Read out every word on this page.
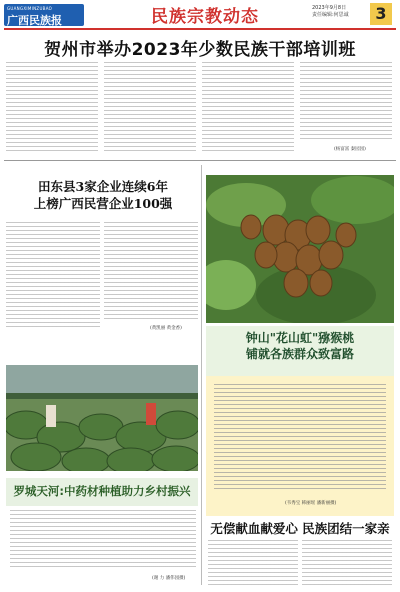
GUANGXIMINZUBAO
广西民族报	民族宗教动态	2023年9月8日
责任编辑:何思诚	3
贺州市举办2023年少数民族干部培训班
(杨富富 秦园园)
田东县3家企业连续6年
上榜广西民营企业100强
(黄凯丽 黄金香)
钟山"花山虹"猕猴桃
铺就各族群众致富路
(韦秀宝 韩丽瑶 潘新丽摄)
罗城天河:中药材种植助力乡村振兴
(谢 力 潘伟园摄)
无偿献血献爱心 民族团结一家亲
